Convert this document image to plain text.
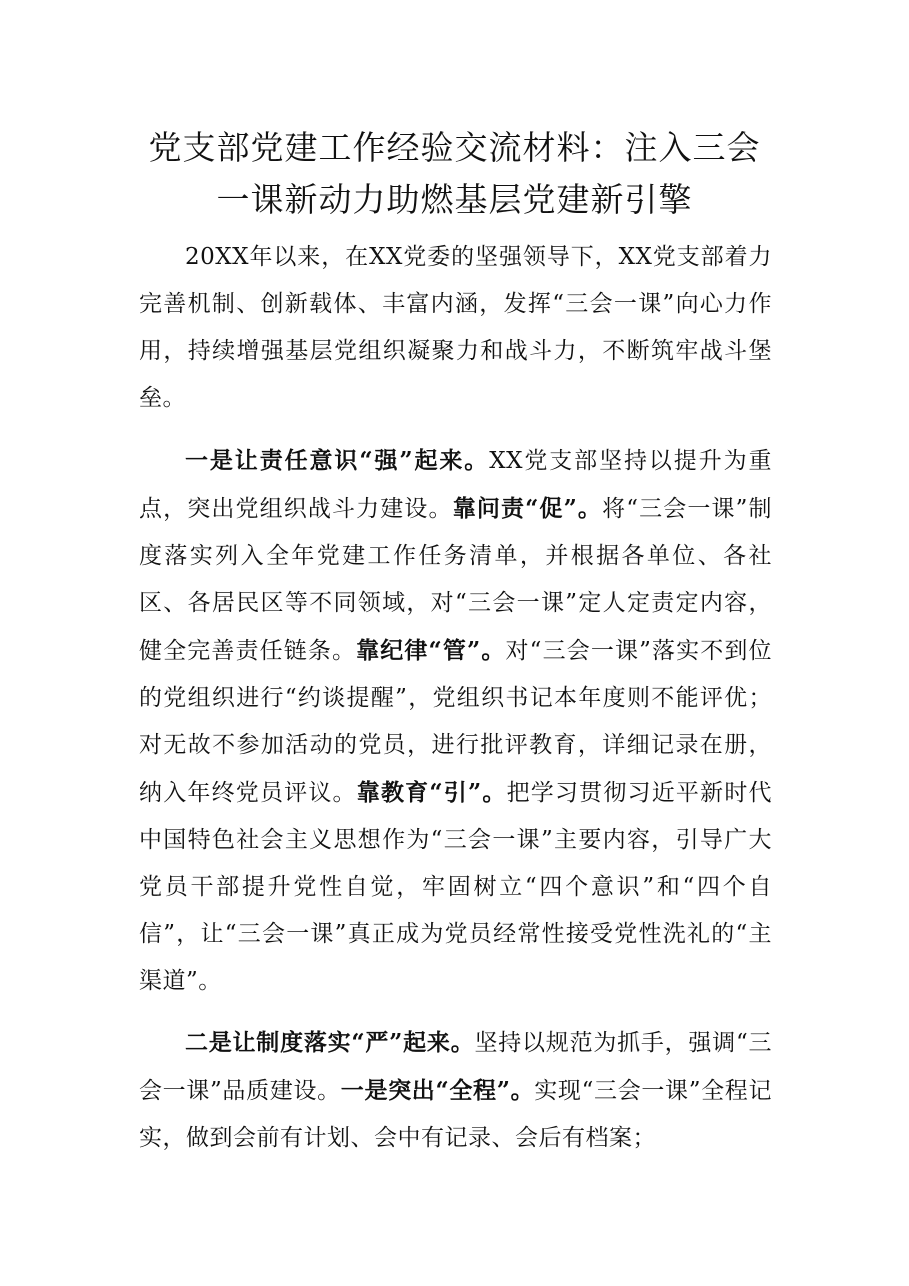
党支部党建工作经验交流材料：注入三会
一课新动力助燃基层党建新引擎

20XX年以来，在XX党委的坚强领导下，XX党支部着力完善机制、创新载体、丰富内涵，发挥“三会一课”向心力作用，持续增强基层党组织凝聚力和战斗力，不断筑牢战斗堡垒。

一是让责任意识“强”起来。XX党支部坚持以提升为重点，突出党组织战斗力建设。靠问责“促”。将“三会一课”制度落实列入全年党建工作任务清单，并根据各单位、各社区、各居民区等不同领域，对“三会一课”定人定责定内容，健全完善责任链条。靠纪律“管”。对“三会一课”落实不到位的党组织进行“约谈提醒”，党组织书记本年度则不能评优；对无故不参加活动的党员，进行批评教育，详细记录在册，纳入年终党员评议。靠教育“引”。把学习贯彻习近平新时代中国特色社会主义思想作为“三会一课”主要内容，引导广大党员干部提升党性自觉，牢固树立“四个意识”和“四个自信”，让“三会一课”真正成为党员经常性接受党性洗礼的“主渠道”。

二是让制度落实“严”起来。坚持以规范为抓手，强调“三会一课”品质建设。一是突出“全程”。实现“三会一课”全程记实，做到会前有计划、会中有记录、会后有档案；
